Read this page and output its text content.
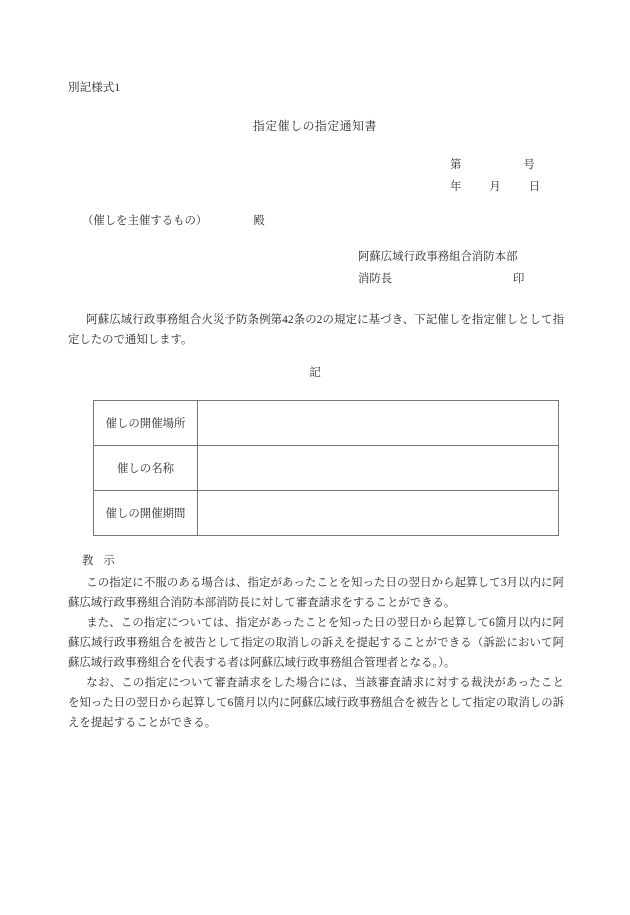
別記様式1
指定催しの指定通知書
第	号
年 月 日
（催しを主催するもの）	殿
阿蘇広域行政事務組合消防本部
消防長	印
阿蘇広域行政事務組合火災予防条例第42条の2の規定に基づき、下記催しを指定催しとして指定したので通知します。
記
催しの開催場所	
催しの名称	
催しの開催期間	
教 示

この指定に不服のある場合は、指定があったことを知った日の翌日から起算して3月以内に阿蘇広域行政事務組合消防本部消防長に対して審査請求をすることができる。

また、この指定については、指定があったことを知った日の翌日から起算して6箇月以内に阿蘇広域行政事務組合を被告として指定の取消しの訴えを提起することができる（訴訟において阿蘇広域行政事務組合を代表する者は阿蘇広域行政事務組合管理者となる。）。

なお、この指定について審査請求をした場合には、当該審査請求に対する裁決があったことを知った日の翌日から起算して6箇月以内に阿蘇広域行政事務組合を被告として指定の取消しの訴えを提起することができる。
